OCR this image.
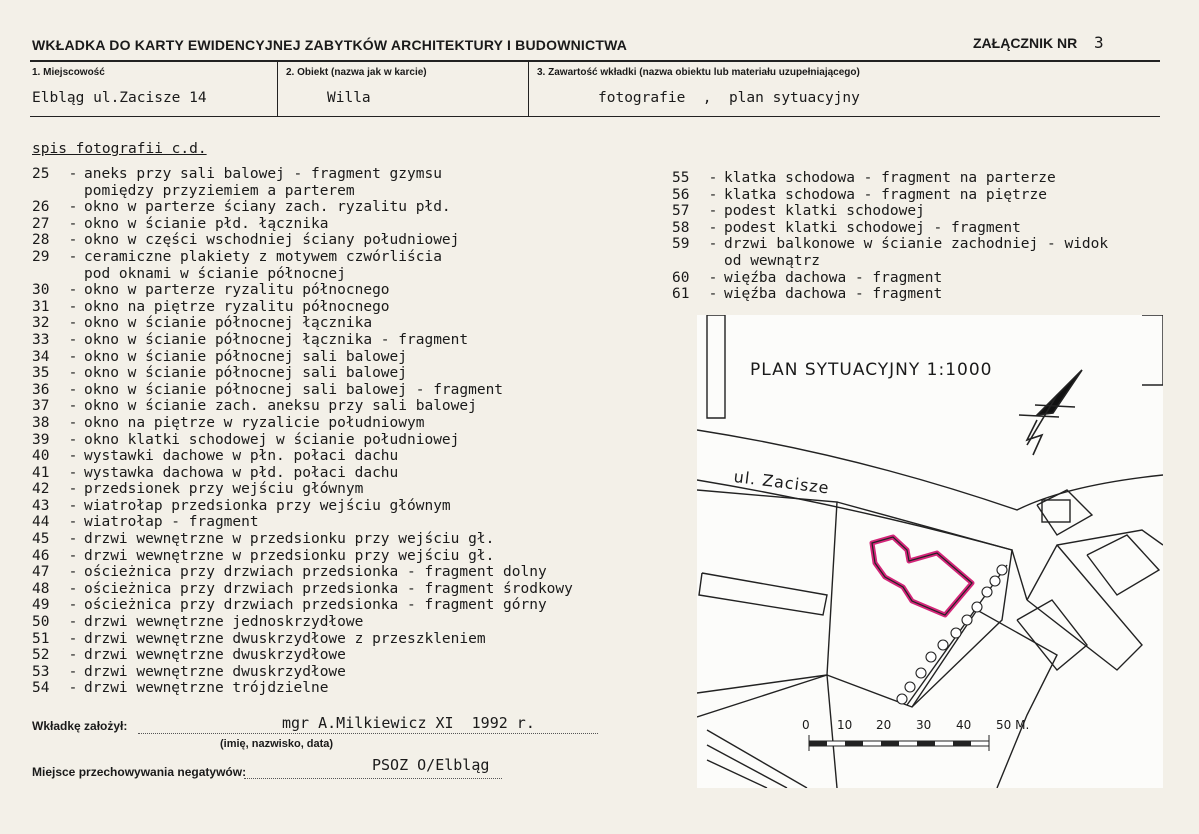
WKŁADKA DO KARTY EWIDENCYJNEJ ZABYTKÓW ARCHITEKTURY I BUDOWNICTWA	ZAŁĄCZNIK NR 3
1. Miejscowość
Elbląg ul.Zacisze 14
2. Obiekt (nazwa jak w karcie)
Willa
3. Zawartość wkładki (nazwa obiektu lub materiału uzupełniającego)
fotografie  ,  plan sytuacyjny
spis fotografii c.d.
25 - aneks przy sali balowej - fragment gzymsu
pomiędzy przyziemiem a parterem
26 - okno w parterze ściany zach. ryzalitu płd.
27 - okno w ścianie płd. łącznika
28 - okno w części wschodniej ściany południowej
29 - ceramiczne plakiety z motywem czwórliścia
pod oknami w ścianie północnej
30 - okno w parterze ryzalitu północnego
31 - okno na piętrze ryzalitu północnego
32 - okno w ścianie północnej łącznika
33 - okno w ścianie północnej łącznika - fragment
34 - okno w ścianie północnej sali balowej
35 - okno w ścianie północnej sali balowej
36 - okno w ścianie północnej sali balowej - fragment
37 - okno w ścianie zach. aneksu przy sali balowej
38 - okno na piętrze w ryzalicie południowym
39 - okno klatki schodowej w ścianie południowej
40 - wystawki dachowe w płn. połaci dachu
41 - wystawka dachowa w płd. połaci dachu
42 - przedsionek przy wejściu głównym
43 - wiatrołap przedsionka przy wejściu głównym
44 - wiatrołap - fragment
45 - drzwi wewnętrzne w przedsionku przy wejściu gł.
46 - drzwi wewnętrzne w przedsionku przy wejściu gł.
47 - ościeżnica przy drzwiach przedsionka - fragment dolny
48 - ościeżnica przy drzwiach przedsionka - fragment środkowy
49 - ościeżnica przy drzwiach przedsionka - fragment górny
50 - drzwi wewnętrzne jednoskrzydłowe
51 - drzwi wewnętrzne dwuskrzydłowe z przeszkleniem
52 - drzwi wewnętrzne dwuskrzydłowe
53 - drzwi wewnętrzne dwuskrzydłowe
54 - drzwi wewnętrzne trójdzielne
55 - klatka schodowa - fragment na parterze
56 - klatka schodowa - fragment na piętrze
57 - podest klatki schodowej
58 - podest klatki schodowej - fragment
59 - drzwi balkonowe w ścianie zachodniej - widok
od wewnątrz
60 - więźba dachowa - fragment
61 - więźba dachowa - fragment
PLAN SYTUACYJNY 1:1000
ul. Zacisze
0 10 20 30 40 50 M.
Wkładkę założył:	mgr A.Milkiewicz XI  1992 r.
(imię, nazwisko, data)
Miejsce przechowywania negatywów:	PSOZ O/Elbląg
